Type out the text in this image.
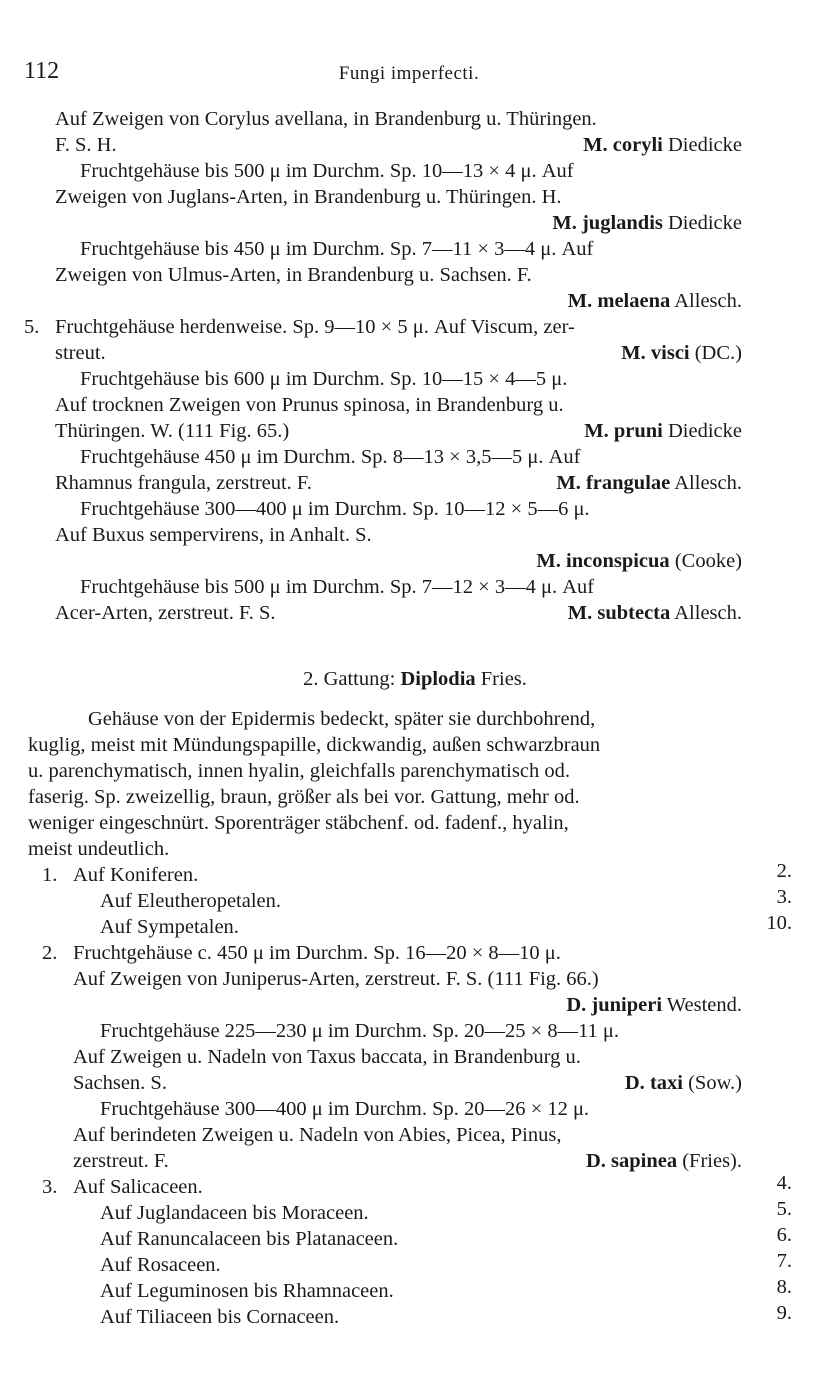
112	Fungi imperfecti.
Auf Zweigen von Corylus avellana, in Brandenburg u. Thüringen.
F. S. H.	M. coryli Diedicke
Fruchtgehäuse bis 500 μ im Durchm. Sp. 10—13 × 4 μ. Auf
Zweigen von Juglans-Arten, in Brandenburg u. Thüringen. H.
M. juglandis Diedicke
Fruchtgehäuse bis 450 μ im Durchm. Sp. 7—11 × 3—4 μ. Auf
Zweigen von Ulmus-Arten, in Brandenburg u. Sachsen. F.
M. melaena Allesch.
5. Fruchtgehäuse herdenweise. Sp. 9—10 × 5 μ. Auf Viscum, zer-
streut.	M. visci (DC.)
Fruchtgehäuse bis 600 μ im Durchm. Sp. 10—15 × 4—5 μ.
Auf trocknen Zweigen von Prunus spinosa, in Brandenburg u.
Thüringen. W. (111 Fig. 65.)	M. pruni Diedicke
Fruchtgehäuse 450 μ im Durchm. Sp. 8—13 × 3,5—5 μ. Auf
Rhamnus frangula, zerstreut. F.	M. frangulae Allesch.
Fruchtgehäuse 300—400 μ im Durchm. Sp. 10—12 × 5—6 μ.
Auf Buxus sempervirens, in Anhalt. S.
M. inconspicua (Cooke)
Fruchtgehäuse bis 500 μ im Durchm. Sp. 7—12 × 3—4 μ. Auf
Acer-Arten, zerstreut. F. S.	M. subtecta Allesch.
2. Gattung: Diplodia Fries.
Gehäuse von der Epidermis bedeckt, später sie durchbohrend,
kuglig, meist mit Mündungspapille, dickwandig, außen schwarzbraun
u. parenchymatisch, innen hyalin, gleichfalls parenchymatisch od.
faserig. Sp. zweizellig, braun, größer als bei vor. Gattung, mehr od.
weniger eingeschnürt. Sporenträger stäbchenf. od. fadenf., hyalin,
meist undeutlich.
1. Auf Koniferen.	2.
Auf Eleutheropetalen.	3.
Auf Sympetalen.	10.
2. Fruchtgehäuse c. 450 μ im Durchm. Sp. 16—20 × 8—10 μ.
Auf Zweigen von Juniperus-Arten, zerstreut. F. S. (111 Fig. 66.)
D. juniperi Westend.
Fruchtgehäuse 225—230 μ im Durchm. Sp. 20—25 × 8—11 μ.
Auf Zweigen u. Nadeln von Taxus baccata, in Brandenburg u.
Sachsen. S.	D. taxi (Sow.)
Fruchtgehäuse 300—400 μ im Durchm. Sp. 20—26 × 12 μ.
Auf berindeten Zweigen u. Nadeln von Abies, Picea, Pinus,
zerstreut. F.	D. sapinea (Fries).
3. Auf Salicaceen.	4.
Auf Juglandaceen bis Moraceen.	5.
Auf Ranuncalaceen bis Platanaceen.	6.
Auf Rosaceen.	7.
Auf Leguminosen bis Rhamnaceen.	8.
Auf Tiliaceen bis Cornaceen.	9.
